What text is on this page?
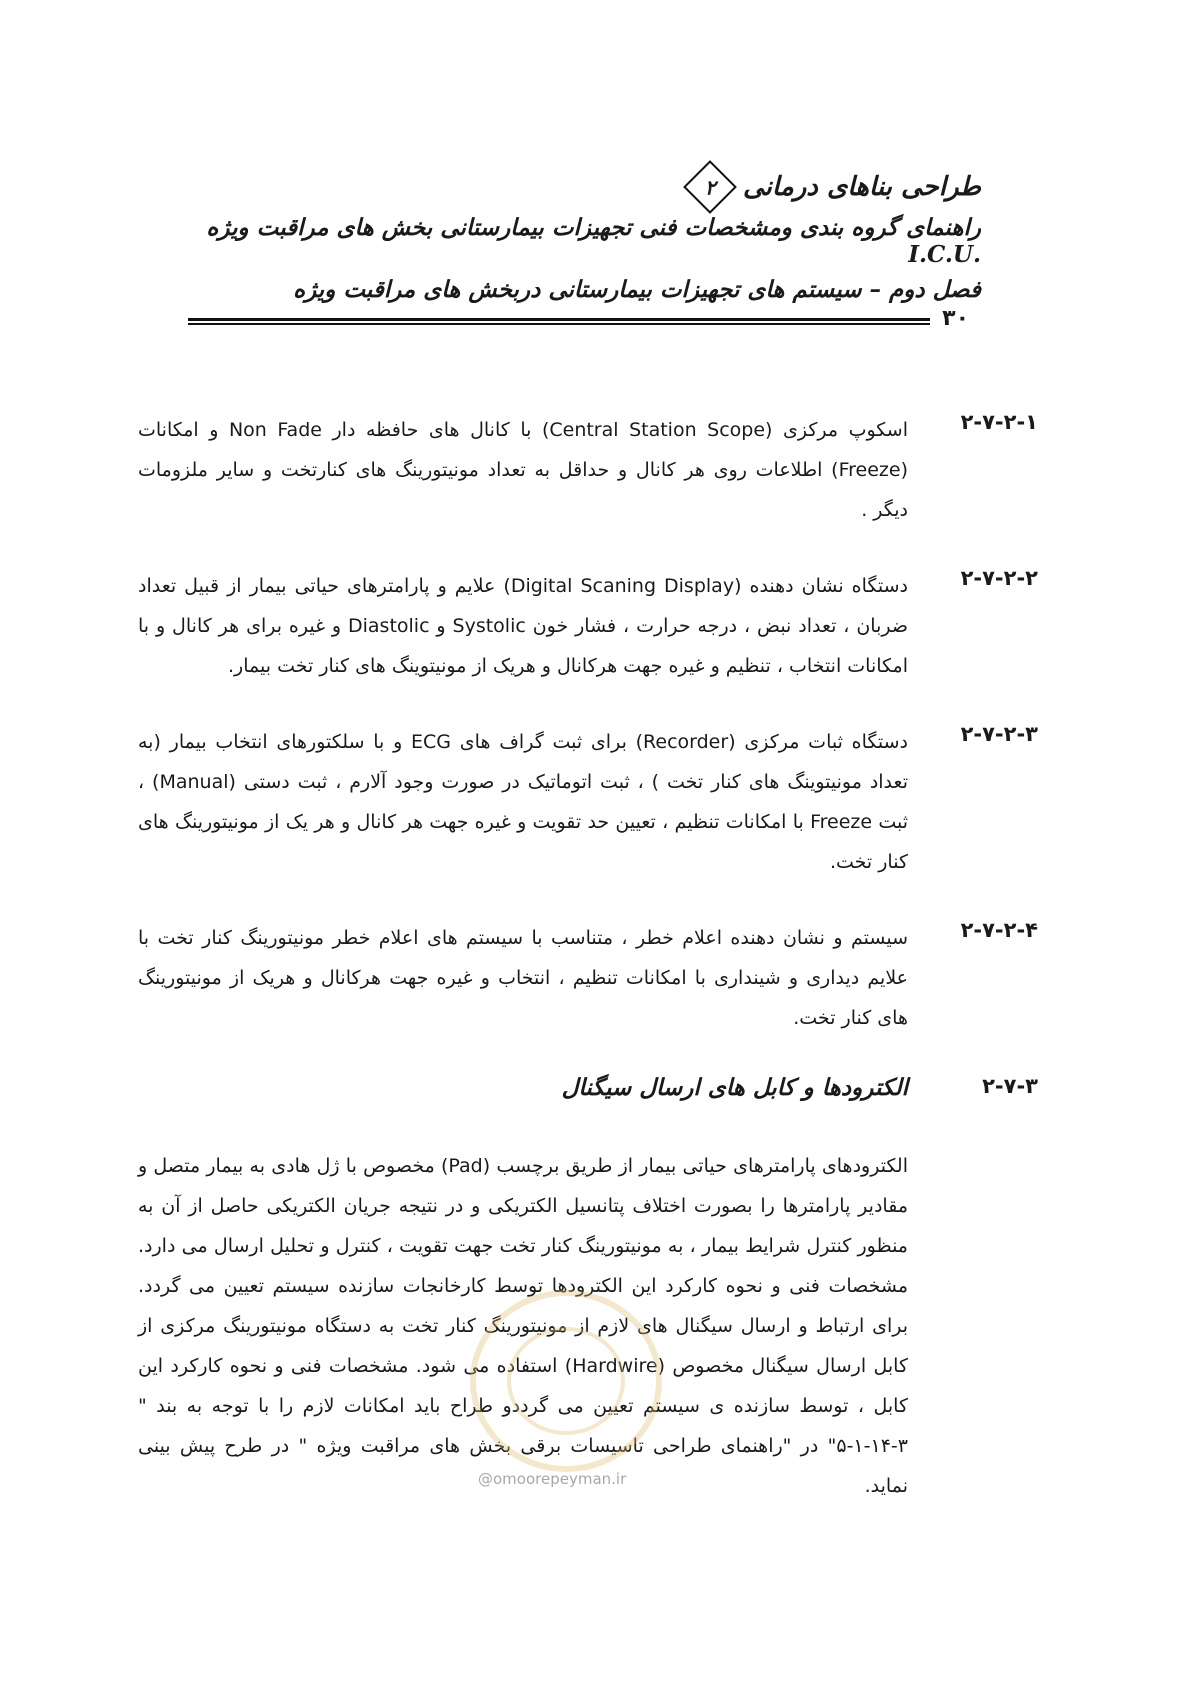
طراحی بناهای درمانی
۲
راهنمای گروه بندی ومشخصات فنی تجهیزات بیمارستانی بخش های مراقبت ویژه .I.C.U
فصل دوم – سیستم های تجهیزات بیمارستانی دربخش های مراقبت ویژه
۳۰
۲-۷-۲-۱
اسکوپ مرکزی (Central Station Scope) با کانال های حافظه دار Non Fade و امکانات (Freeze) اطلاعات روی هر کانال و حداقل به تعداد مونیتورینگ های کنارتخت و سایر ملزومات دیگر .
۲-۷-۲-۲
دستگاه نشان دهنده (Digital Scaning Display) علایم و پارامترهای حیاتی بیمار از قبیل تعداد ضربان ، تعداد نبض ، درجه حرارت ، فشار خون Systolic و Diastolic و غیره برای هر کانال و با امکانات انتخاب ، تنظیم و غیره جهت هرکانال و هریک از مونیتوینگ های کنار تخت بیمار.
۲-۷-۲-۳
دستگاه ثبات مرکزی (Recorder) برای ثبت گراف های ECG و با سلکتورهای انتخاب بیمار (به تعداد مونیتوینگ های کنار تخت ) ، ثبت اتوماتیک در صورت وجود آلارم ، ثبت دستی (Manual) ، ثبت Freeze با امکانات تنظیم ، تعیین حد تقویت و غیره جهت هر کانال و هر یک از مونیتورینگ های کنار تخت.
۲-۷-۲-۴
سیستم و نشان دهنده اعلام خطر ، متناسب با سیستم های اعلام خطر مونیتورینگ کنار تخت با علایم دیداری و شینداری با امکانات تنظیم ، انتخاب و غیره جهت هرکانال و هریک از مونیتورینگ های کنار تخت.
۲-۷-۳
الکترودها و کابل های ارسال سیگنال
الکترودهای پارامترهای حیاتی بیمار از طریق برچسب (Pad) مخصوص با ژل هادی به بیمار متصل و مقادیر پارامترها را بصورت اختلاف پتانسیل الکتریکی و در نتیجه جریان الکتریکی حاصل از آن به منظور کنترل شرایط بیمار ، به مونیتورینگ کنار تخت جهت تقویت ، کنترل و تحلیل ارسال می دارد. مشخصات فنی و نحوه کارکرد این الکترودها توسط کارخانجات سازنده سیستم تعیین می گردد. برای ارتباط و ارسال سیگنال های لازم از مونیتورینگ کنار تخت به دستگاه مونیتورینگ مرکزی از کابل ارسال سیگنال مخصوص (Hardwire) استفاده می شود. مشخصات فنی و نحوه کارکرد این کابل ، توسط سازنده ی سیستم تعیین می گرددو طراح باید امکانات لازم را با توجه به بند " ۳-۱۴-۱-۵" در "راهنمای طراحی تاسیسات برقی بخش های مراقبت ویژه " در طرح پیش بینی نماید.
@omoorepeyman.ir
